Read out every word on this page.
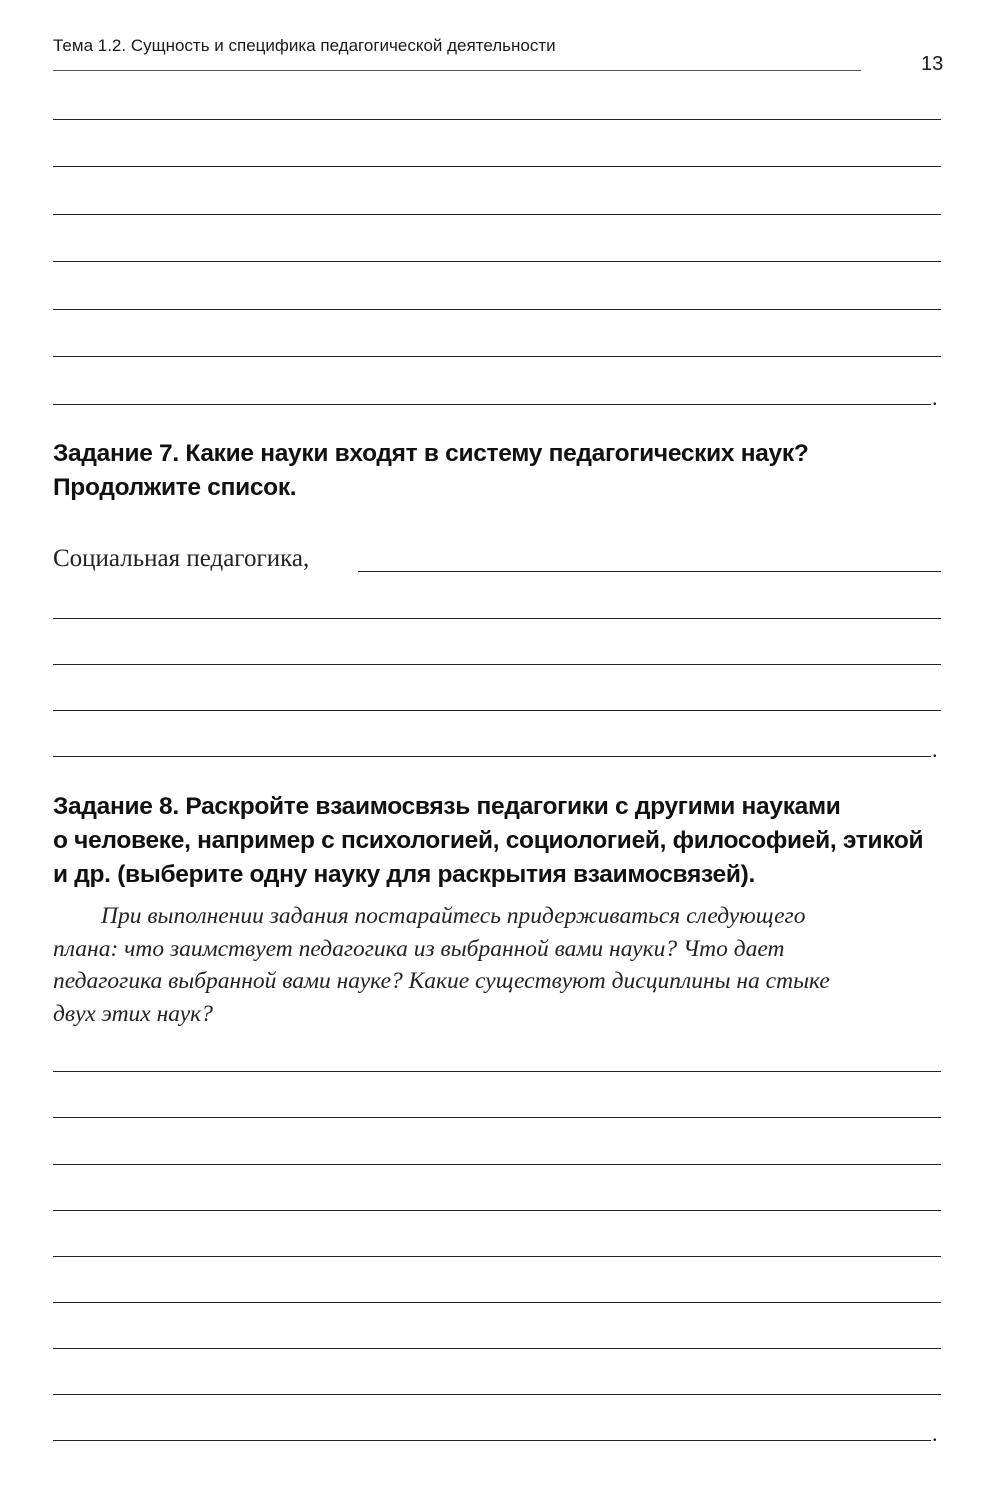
Тема 1.2. Сущность и специфика педагогической деятельности
13
.
Задание 7. Какие науки входят в систему педагогических наук?
Продолжите список.
Социальная педагогика,
.
Задание 8. Раскройте взаимосвязь педагогики с другими науками
о человеке, например с психологией, социологией, философией, этикой
и др. (выберите одну науку для раскрытия взаимосвязей).
При выполнении задания постарайтесь придерживаться следующего
плана: что заимствует педагогика из выбранной вами науки? Что дает
педагогика выбранной вами науке? Какие существуют дисциплины на стыке
двух этих наук?
.
